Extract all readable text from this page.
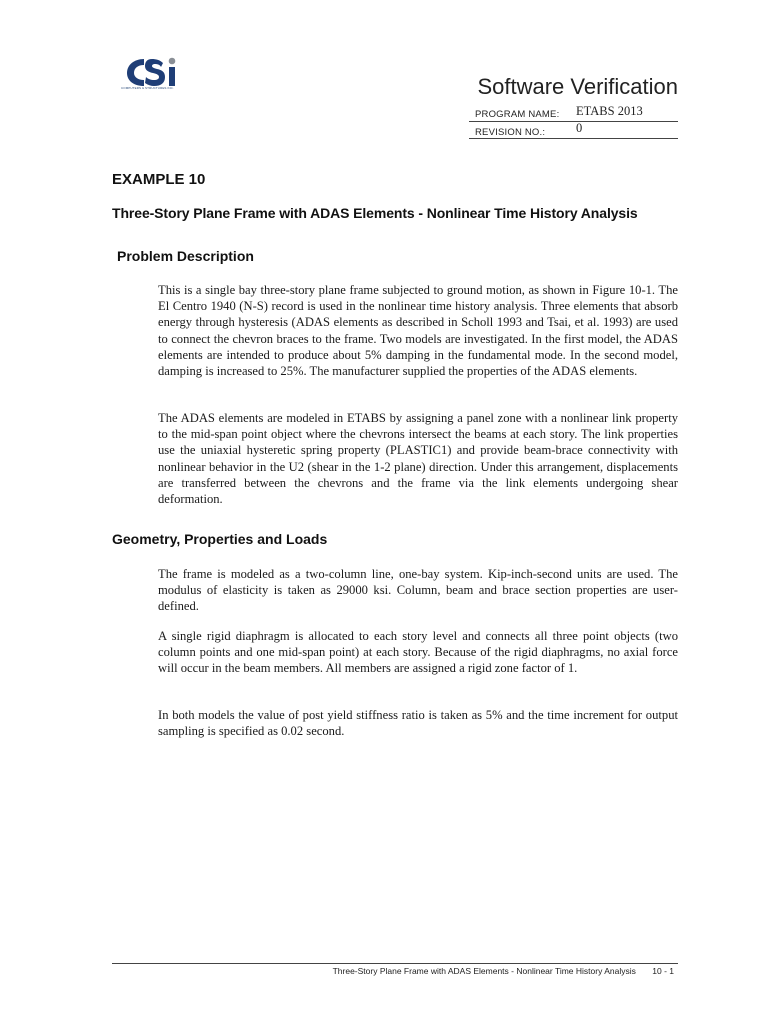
COMPUTERS & STRUCTURES INC.	Software Verification
PROGRAM NAME: ETABS 2013
REVISION NO.: 0
EXAMPLE 10
Three-Story Plane Frame with ADAS Elements - Nonlinear Time History Analysis
Problem Description

This is a single bay three-story plane frame subjected to ground motion, as shown in Figure 10-1. The El Centro 1940 (N-S) record is used in the nonlinear time history analysis. Three elements that absorb energy through hysteresis (ADAS elements as described in Scholl 1993 and Tsai, et al. 1993) are used to connect the chevron braces to the frame. Two models are investigated. In the first model, the ADAS elements are intended to produce about 5% damping in the fundamental mode. In the second model, damping is increased to 25%. The manufacturer supplied the properties of the ADAS elements.

The ADAS elements are modeled in ETABS by assigning a panel zone with a nonlinear link property to the mid-span point object where the chevrons intersect the beams at each story. The link properties use the uniaxial hysteretic spring property (PLASTIC1) and provide beam-brace connectivity with nonlinear behavior in the U2 (shear in the 1-2 plane) direction. Under this arrangement, displacements are transferred between the chevrons and the frame via the link elements undergoing shear deformation.

Geometry, Properties and Loads

The frame is modeled as a two-column line, one-bay system. Kip-inch-second units are used. The modulus of elasticity is taken as 29000 ksi. Column, beam and brace section properties are user-defined.

A single rigid diaphragm is allocated to each story level and connects all three point objects (two column points and one mid-span point) at each story. Because of the rigid diaphragms, no axial force will occur in the beam members. All members are assigned a rigid zone factor of 1.

In both models the value of post yield stiffness ratio is taken as 5% and the time increment for output sampling is specified as 0.02 second.

Three-Story Plane Frame with ADAS Elements - Nonlinear Time History Analysis 10 - 1
